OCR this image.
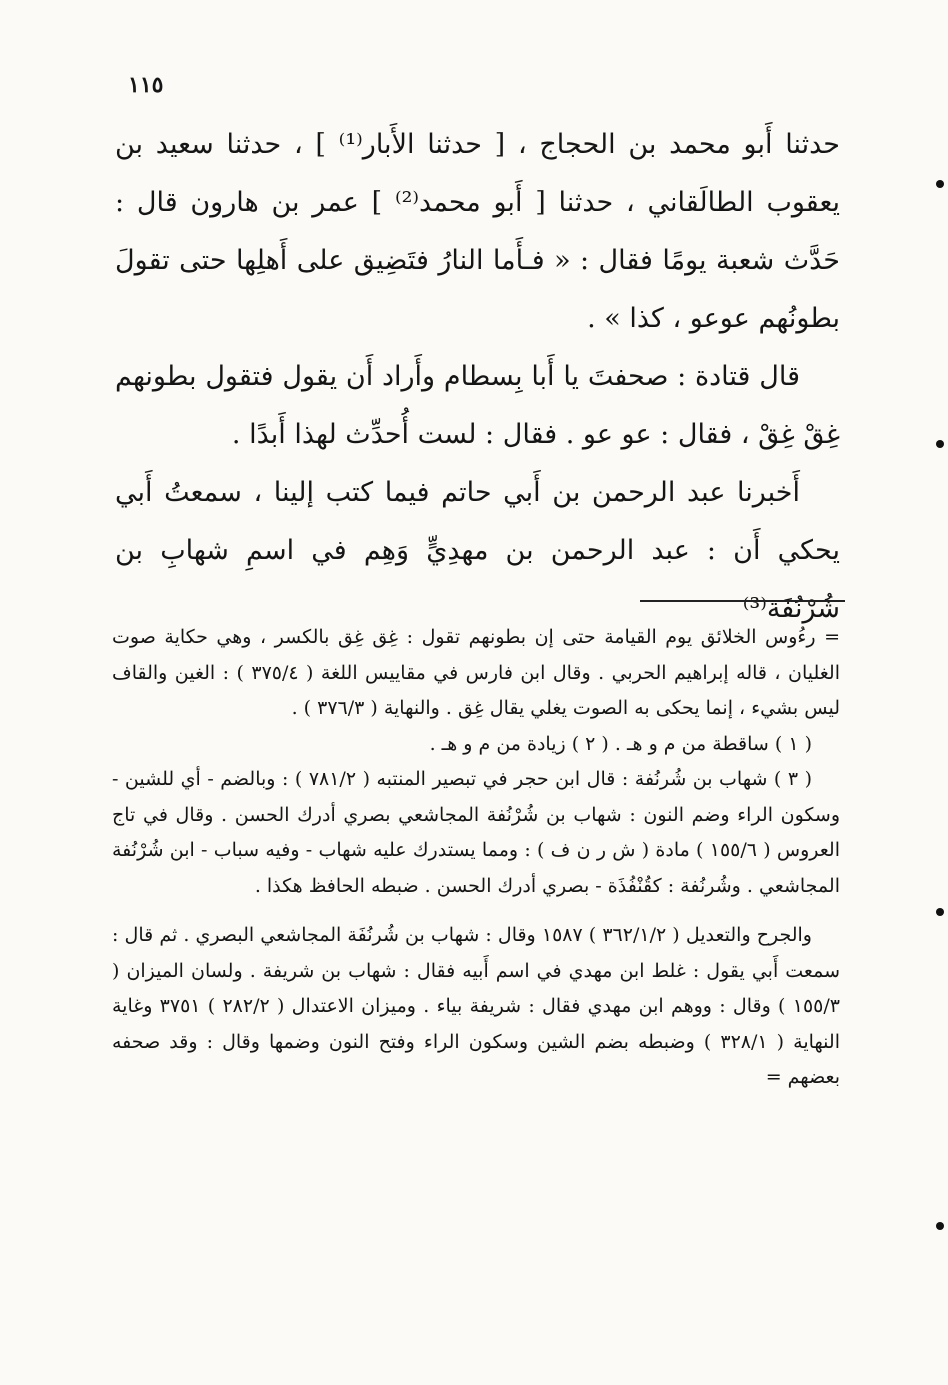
١١٥

حدثنا أَبو محمد بن الحجاج ، [ حدثنا الأَبار⁽¹⁾ ] ، حدثنا سعيد بن يعقوب الطالَقاني ، حدثنا [ أَبو محمد⁽²⁾ ] عمر بن هارون قال : حَدَّث شعبة يومًا فقال : « فـأَما النارُ فتَضِيق على أَهلِها حتى تقولَ بطونُهم عوعو ، كذا » .

قال قتادة : صحفتَ يا أَبا بِسطام وأَراد أَن يقول فتقول بطونهم غِقْ غِقْ ، فقال : عو عو . فقال : لست أُحدِّث لهذا أَبدًا .

أَخبرنا عبد الرحمن بن أَبي حاتم فيما كتب إلينا ، سمعتُ أَبي يحكي أَن : عبد الرحمن بن مهدِيٍّ وَهِم في اسمِ شهابِ بن شُرْنُفَة⁽³⁾

= رءُوس الخلائق يوم القيامة حتى إن بطونهم تقول : غِق غِق بالكسر ، وهي حكاية صوت الغليان ، قاله إبراهيم الحربي . وقال ابن فارس في مقاييس اللغة ( ٣٧٥/٤ ) : الغين والقاف ليس بشيء ، إنما يحكى به الصوت يغلي يقال غِق . والنهاية ( ٣٧٦/٣ ) .

( ١ ) ساقطة من م و هـ . ( ٢ ) زيادة من م و هـ .

( ٣ ) شهاب بن شُرنُفة : قال ابن حجر في تبصير المنتبه ( ٧٨١/٢ ) : وبالضم - أي للشين - وسكون الراء وضم النون : شهاب بن شُرْنُفة المجاشعي بصري أدرك الحسن . وقال في تاج العروس ( ١٥٥/٦ ) مادة ( ش ر ن ف ) : ومما يستدرك عليه شهاب - وفيه سباب - ابن شُرْنُفة المجاشعي . وشُرنُفة : كقُنْفُذَة - بصري أدرك الحسن . ضبطه الحافظ هكذا .

والجرح والتعديل ( ٣٦٢/١/٢ ) ١٥٨٧ وقال : شهاب بن شُرنُفَة المجاشعي البصري . ثم قال : سمعت أَبي يقول : غلط ابن مهدي في اسم أَبيه فقال : شهاب بن شريفة . ولسان الميزان ( ١٥٥/٣ ) وقال : ووهم ابن مهدي فقال : شريفة بياء . وميزان الاعتدال ( ٢٨٢/٢ ) ٣٧٥١ وغاية النهاية ( ٣٢٨/١ ) وضبطه بضم الشين وسكون الراء وفتح النون وضمها وقال : وقد صحفه بعضهم =
